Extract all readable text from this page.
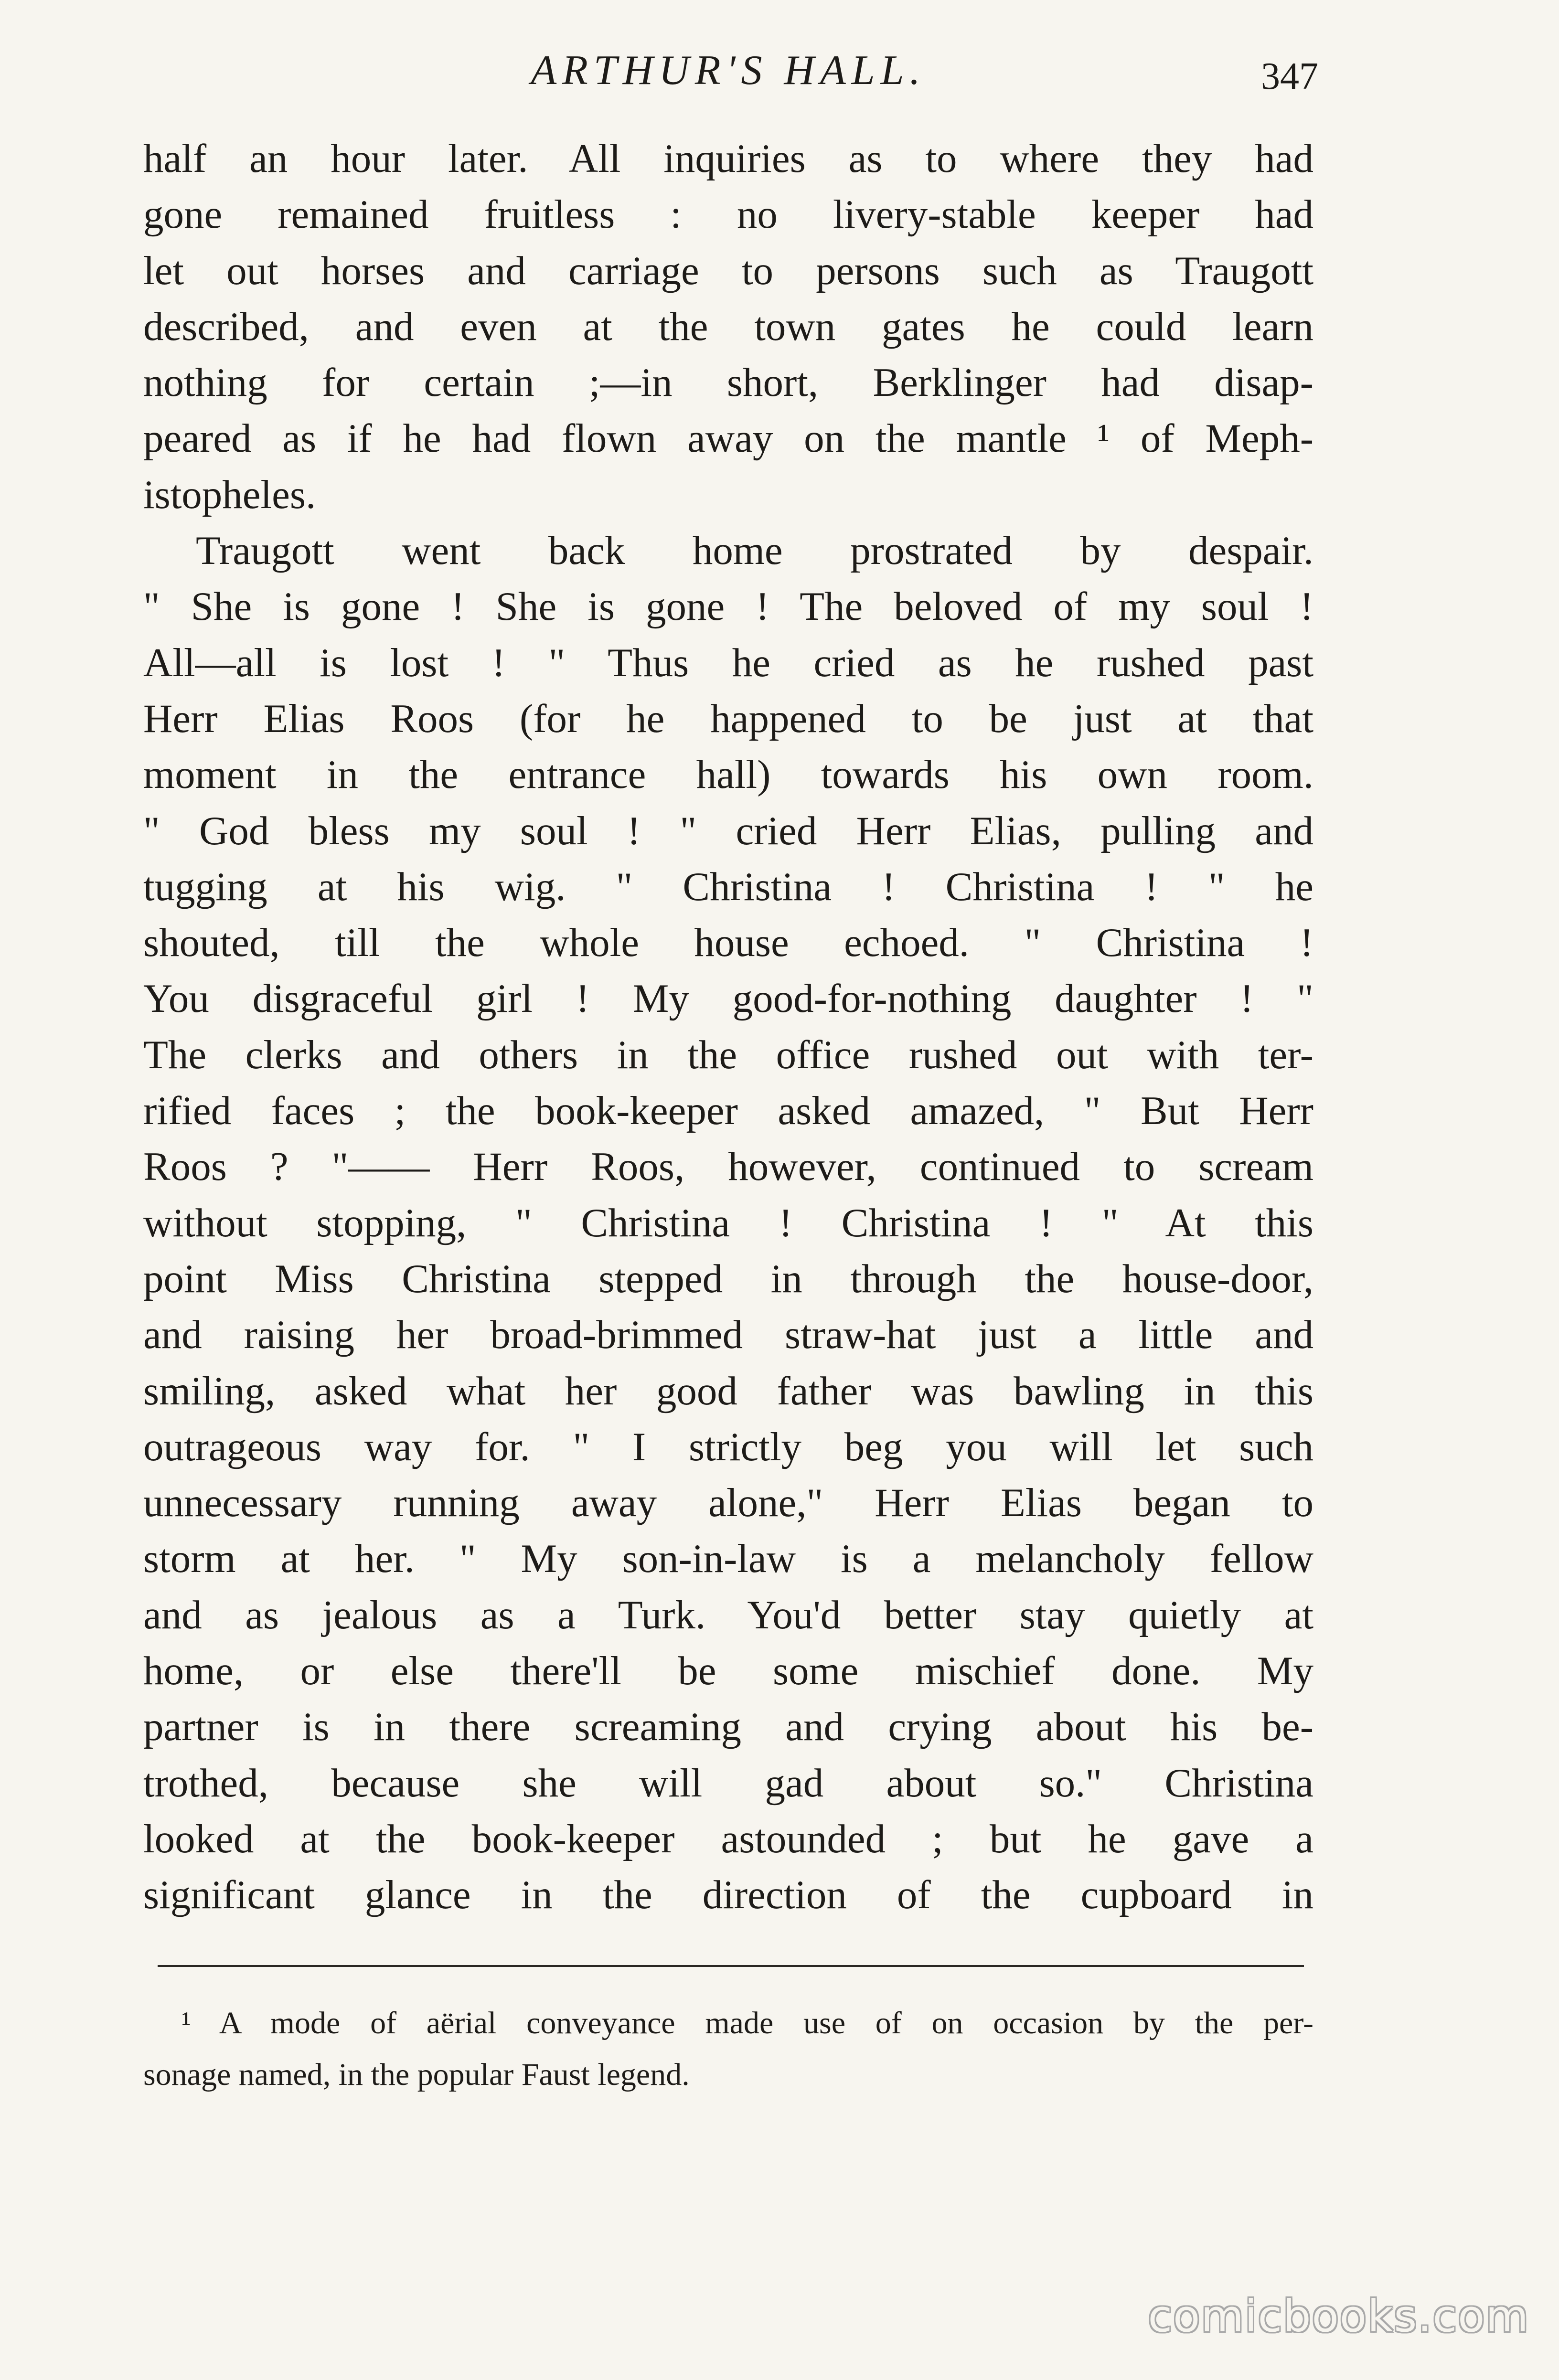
ARTHUR'S HALL.	347
half an hour later. All inquiries as to where they had
gone remained fruitless : no livery-stable keeper had
let out horses and carriage to persons such as Traugott
described, and even at the town gates he could learn
nothing for certain ;—in short, Berklinger had disap-
peared as if he had flown away on the mantle ¹ of Meph-
istopheles.
Traugott went back home prostrated by despair.
" She is gone ! She is gone ! The beloved of my soul !
All—all is lost ! " Thus he cried as he rushed past
Herr Elias Roos (for he happened to be just at that
moment in the entrance hall) towards his own room.
" God bless my soul ! " cried Herr Elias, pulling and
tugging at his wig. " Christina ! Christina ! " he
shouted, till the whole house echoed. " Christina !
You disgraceful girl ! My good-for-nothing daughter ! "
The clerks and others in the office rushed out with ter-
rified faces ; the book-keeper asked amazed, " But Herr
Roos ? "—— Herr Roos, however, continued to scream
without stopping, " Christina ! Christina ! " At this
point Miss Christina stepped in through the house-door,
and raising her broad-brimmed straw-hat just a little and
smiling, asked what her good father was bawling in this
outrageous way for. " I strictly beg you will let such
unnecessary running away alone," Herr Elias began to
storm at her. " My son-in-law is a melancholy fellow
and as jealous as a Turk. You'd better stay quietly at
home, or else there'll be some mischief done. My
partner is in there screaming and crying about his be-
trothed, because she will gad about so." Christina
looked at the book-keeper astounded ; but he gave a
significant glance in the direction of the cupboard in
¹ A mode of aërial conveyance made use of on occasion by the per-
sonage named, in the popular Faust legend.
comicbooks.com
